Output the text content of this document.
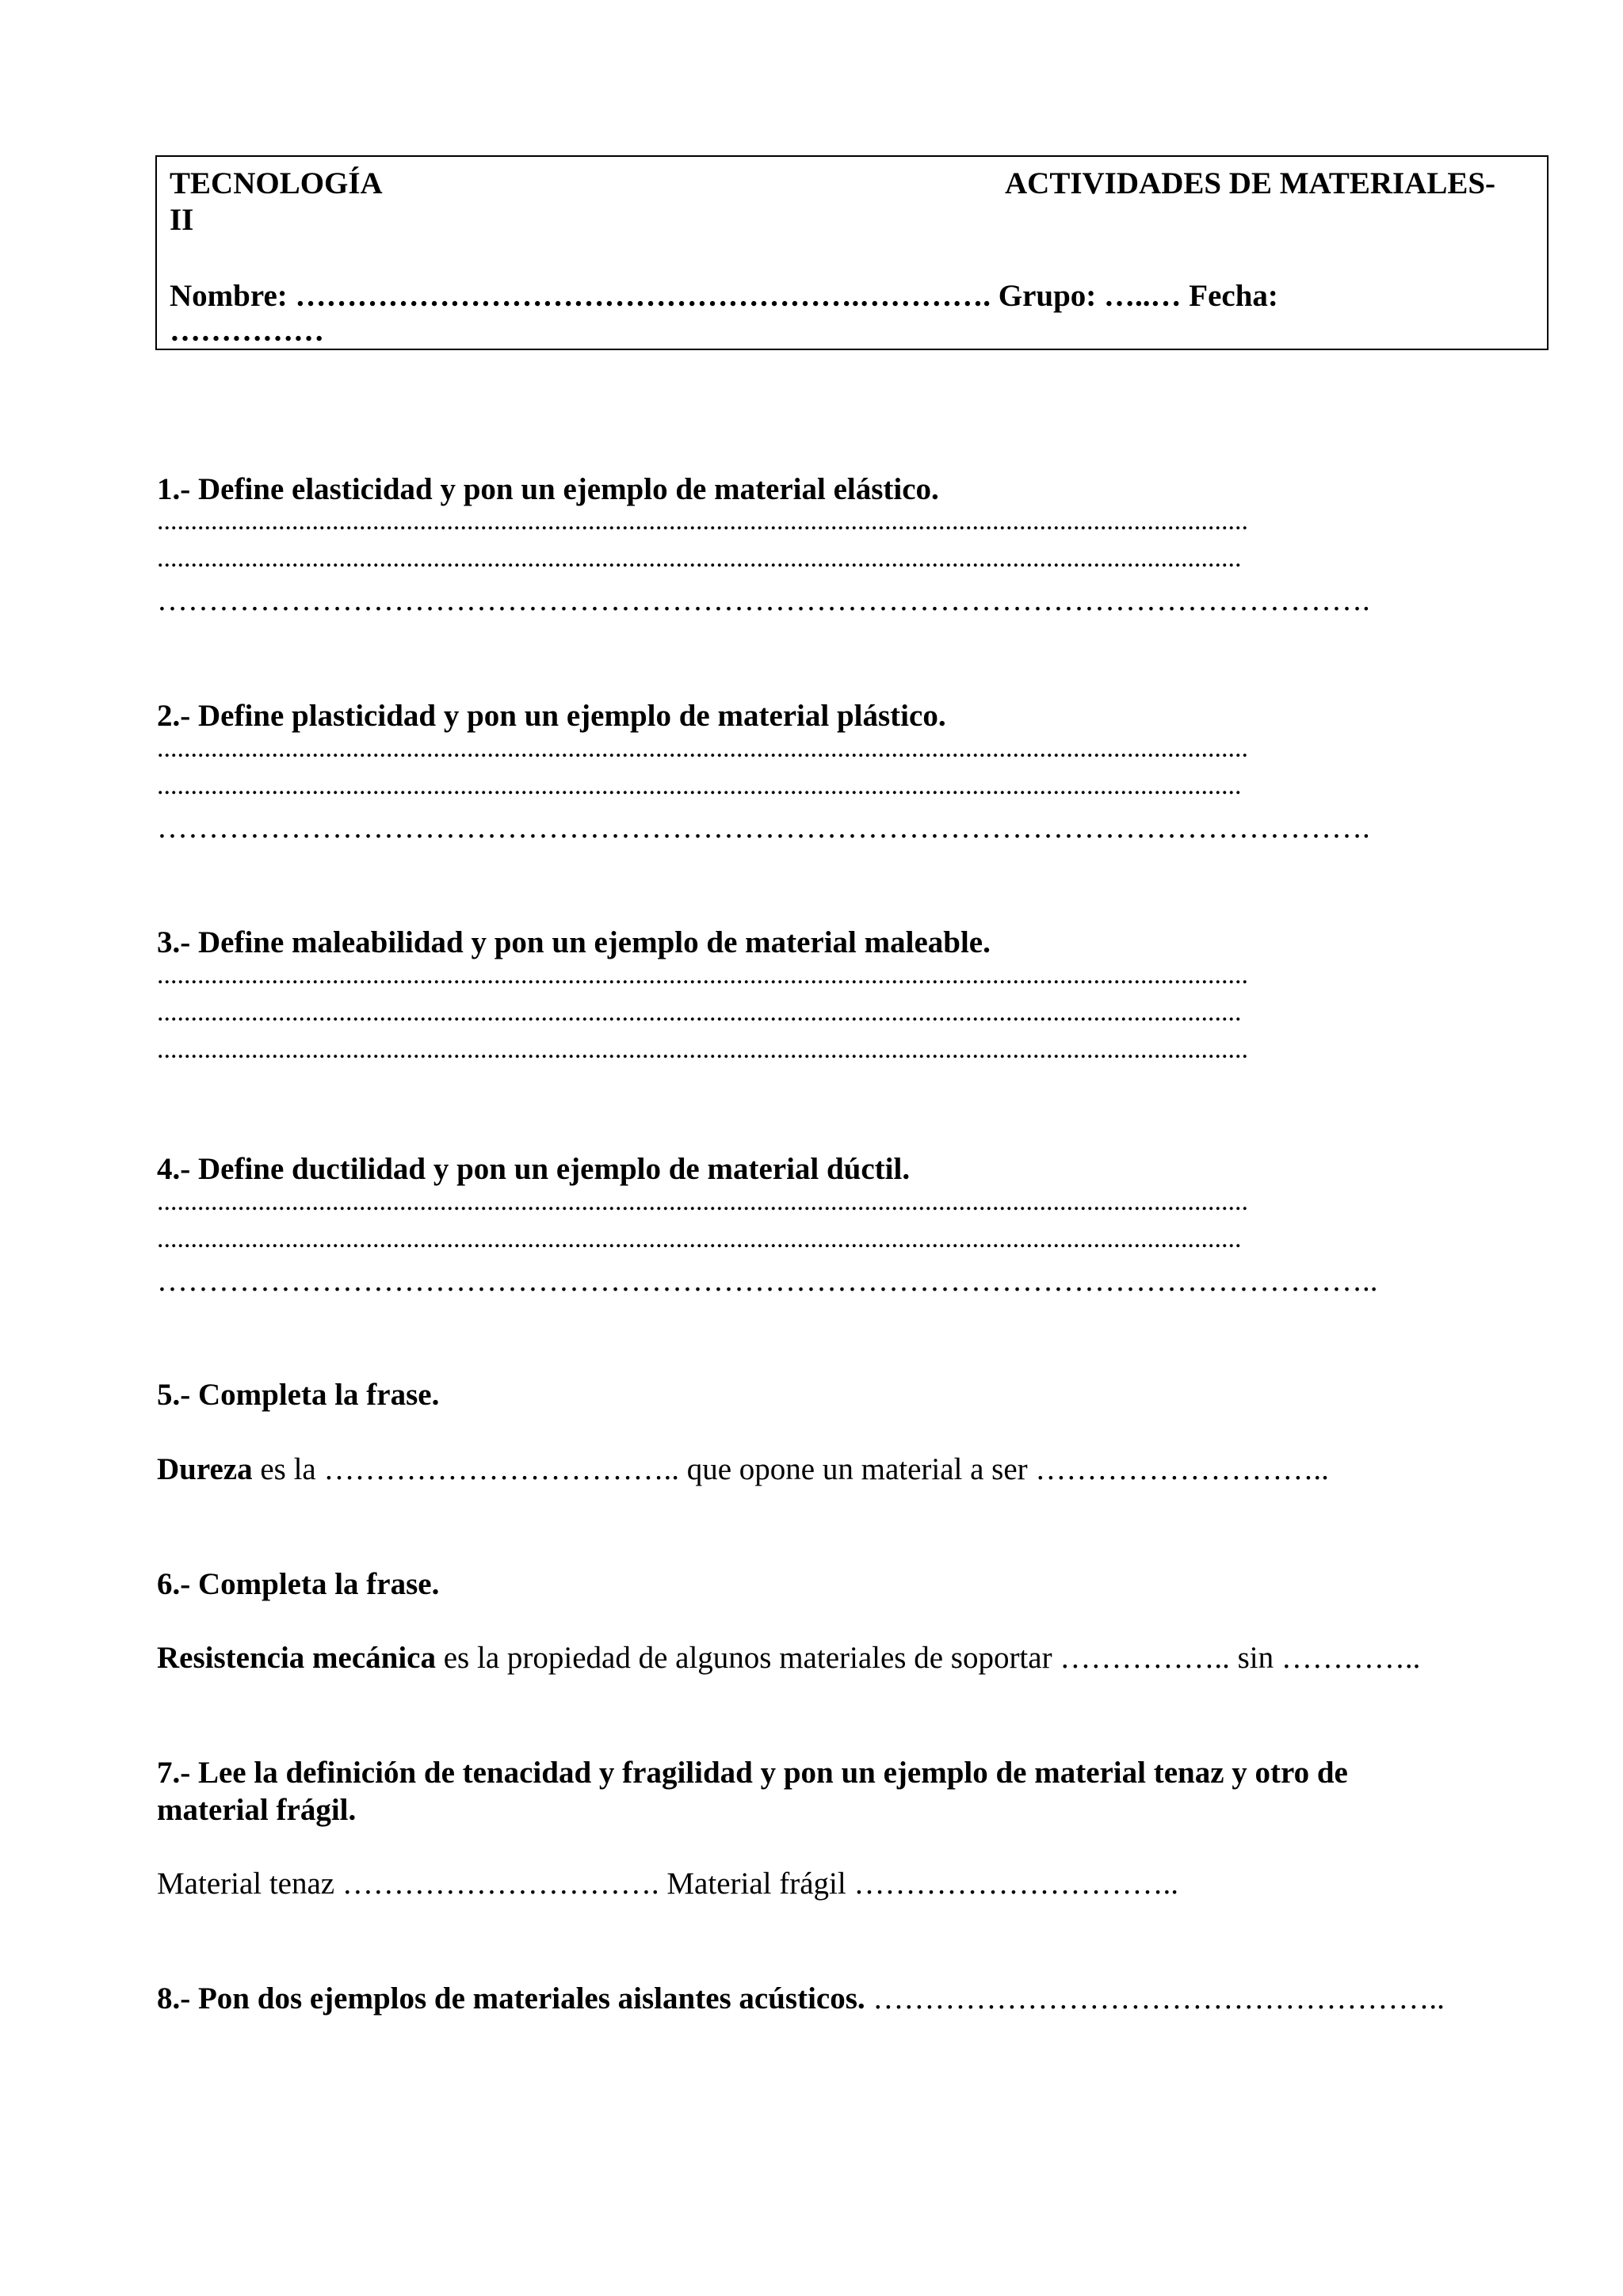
TECNOLOGÍA	ACTIVIDADES DE MATERIALES-
II
Nombre: ……………………………………………….…………. Grupo: …..… Fecha:
……………
1.- Define elasticidad y pon un ejemplo de material elástico.
..................................................................................................................................................................
.................................................................................................................................................................
……………………………………………………………………………………………………….
2.- Define plasticidad y pon un ejemplo de material plástico.
..................................................................................................................................................................
.................................................................................................................................................................
……………………………………………………………………………………………………….
3.- Define maleabilidad y pon un ejemplo de material maleable.
..................................................................................................................................................................
.................................................................................................................................................................
..................................................................................................................................................................
4.- Define ductilidad y pon un ejemplo de material dúctil.
..................................................................................................................................................................
.................................................................................................................................................................
………………………………………………………………………………………………………..
5.- Completa la frase.
Dureza es la …………………………….. que opone un material a ser ………………………..
6.- Completa la frase.
Resistencia mecánica es la propiedad de algunos materiales de soportar …………….. sin …………..
7.- Lee la definición de tenacidad y fragilidad y pon un ejemplo de material tenaz y otro de
material frágil.
Material tenaz …………………………. Material frágil …………………………..
8.- Pon dos ejemplos de materiales aislantes acústicos. ………………………………………………..
